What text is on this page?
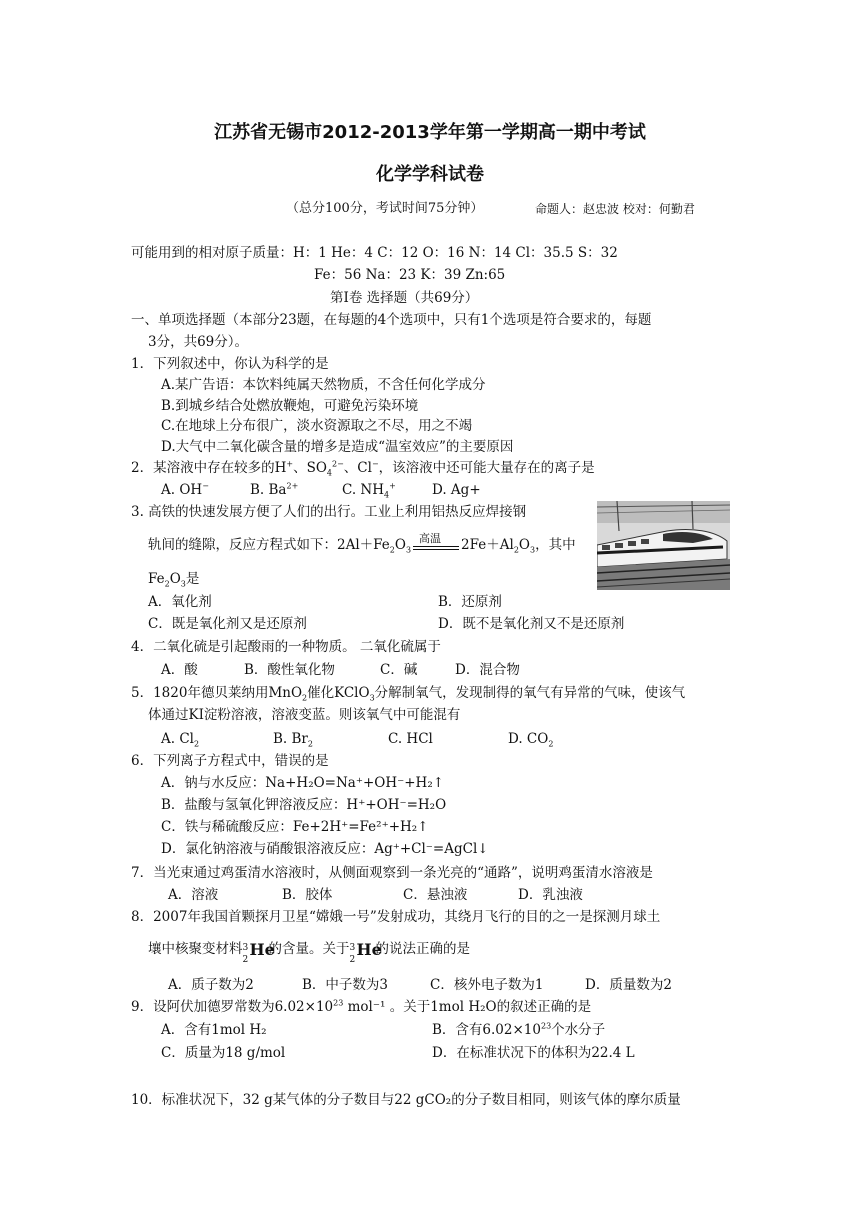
江苏省无锡市2012-2013学年第一学期高一期中考试
化学学科试卷
（总分100分，考试时间75分钟）	命题人：赵忠波 校对：何勤君
可能用到的相对原子质量：H：1 He：4 C：12 O：16 N：14 Cl：35.5 S：32
Fe：56 Na：23 K：39 Zn:65
第Ⅰ卷 选择题（共69分）
一、单项选择题（本部分23题，在每题的4个选项中，只有1个选项是符合要求的，每题
3分，共69分）。
1．下列叙述中，你认为科学的是
A.某广告语：本饮料纯属天然物质，不含任何化学成分
B.到城乡结合处燃放鞭炮，可避免污染环境
C.在地球上分布很广，淡水资源取之不尽，用之不竭
D.大气中二氧化碳含量的增多是造成“温室效应”的主要原因
2．某溶液中存在较多的H+、$SO_4^{2-}$、Cl−，该溶液中还可能大量存在的离子是
A. OH−	B. $Ba^{2+}$	C. $NH_4^+$	D. Ag+
3. 高铁的快速发展方便了人们的出行。工业上利用铝热反应焊接钢
轨间的缝隙，反应方程式如下：$2Al+Fe_2O_3$
高温 $2Fe+Al_2O_3$，其中
$Fe_2O_3$是
A．氧化剂	B．还原剂
C．既是氧化剂又是还原剂	D．既不是氧化剂又不是还原剂
4．二氧化硫是引起酸雨的一种物质。 二氧化硫属于
A．酸	B．酸性氧化物	C．碱	D．混合物
5．1820年德贝莱纳用MnO$_2$催化KClO$_3$分解制氧气，发现制得的氧气有异常的气味，使该气
体通过KI淀粉溶液，溶液变蓝。则该氧气中可能混有
A. $Cl_2$	B. $Br_2$	C. HCl	D. $CO_2$
6．下列离子方程式中，错误的是
A．钠与水反应：Na+H₂O=Na⁺+OH⁻+H₂↑
B．盐酸与氢氧化钾溶液反应：H⁺+OH⁻=H₂O
C．铁与稀硫酸反应：Fe+2H⁺=Fe²⁺+H₂↑
D．氯化钠溶液与硝酸银溶液反应：Ag⁺+Cl⁻=AgCl↓
7．当光束通过鸡蛋清水溶液时，从侧面观察到一条光亮的“通路”，说明鸡蛋清水溶液是
A．溶液	B．胶体	C．悬浊液	D．乳浊液
8．2007年我国首颗探月卫星“嫦娥一号”发射成功，其绕月飞行的目的之一是探测月球土
壤中核聚变材料 3
2
He
的含量。关于 3
2
He
的说法正确的是
A．质子数为2	B．中子数为3	C．核外电子数为1	D．质量数为2
9．设阿伏加德罗常数为$6.02\times 10^{23}$ mol⁻¹ 。关于1mol H₂O的叙述正确的是
A．含有1mol H₂	B．含有$6.02\times 10^{23}$个水分子
C．质量为18 g/mol	D．在标准状况下的体积为22.4 L
10．标准状况下，32 g某气体的分子数目与22 gCO₂的分子数目相同，则该气体的摩尔质量
